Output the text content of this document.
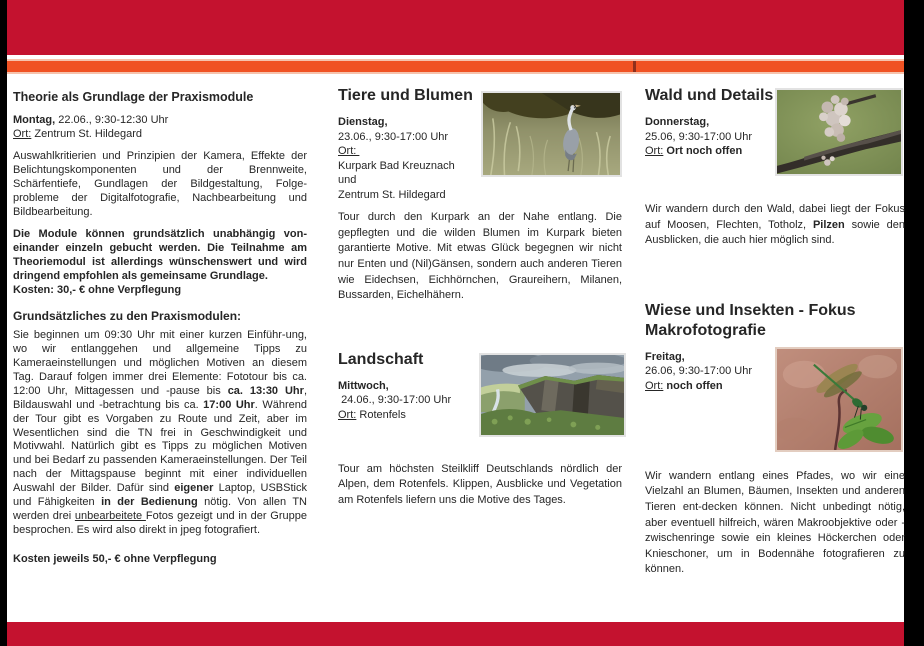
Theorie als Grundlage der Praxismodule
Montag, 22.06., 9:30-12:30 Uhr
Ort: Zentrum St. Hildegard

Auswahlkritierien und Prinzipien der Kamera, Effekte der Belichtungskomponenten und der Brennweite, Schärfentiefe, Gundlagen der Bildgestaltung, Folge-probleme der Digitalfotografie, Nachbearbeitung und Bildbearbeitung.

Die Module können grundsätzlich unabhängig von-einander einzeln gebucht werden. Die Teilnahme am Theoriemodul ist allerdings wünschenswert und wird dringend empfohlen als gemeinsame Grundlage.

Kosten: 30,- € ohne Verpflegung
Grundsätzliches zu den Praxismodulen:

Sie beginnen um 09:30 Uhr mit einer kurzen Einführ-ung, wo wir entlanggehen und allgemeine Tipps zu Kameraeinstellungen und möglichen Motiven an diesem Tag. Darauf folgen immer drei Elemente: Fototour bis ca. 12:00 Uhr, Mittagessen und -pause bis ca. 13:30 Uhr, Bildauswahl und -betrachtung bis ca. 17:00 Uhr. Während der Tour gibt es Vorgaben zu Route und Zeit, aber im Wesentlichen sind die TN frei in Geschwindigkeit und Motivwahl. Natürlich gibt es Tipps zu möglichen Motiven und bei Bedarf zu passenden Kameraeinstellungen. Der Teil nach der Mittagspause beginnt mit einer individuellen Auswahl der Bilder. Dafür sind eigener Laptop, USBStick und Fähigkeiten in der Bedienung nötig. Von allen TN werden drei unbearbeitete Fotos gezeigt und in der Gruppe besprochen. Es wird also direkt in jpeg fotografiert.

Kosten jeweils 50,- € ohne Verpflegung
Tiere und Blumen
Dienstag,
23.06., 9:30-17:00 Uhr
Ort:
Kurpark Bad Kreuznach
und
Zentrum St. Hildegard

Tour durch den Kurpark an der Nahe entlang. Die gepflegten und die wilden Blumen im Kurpark bieten garantierte Motive. Mit etwas Glück begegnen wir nicht nur Enten und (Nil)Gänsen, sondern auch anderen Tieren wie Eidechsen, Eichhörnchen, Graureihern, Milanen, Bussarden, Eichelhähern.

Landschaft
Mittwoch,
24.06., 9:30-17:00 Uhr
Ort: Rotenfels

Tour am höchsten Steilkliff Deutschlands nördlich der Alpen, dem Rotenfels. Klippen, Ausblicke und Vegetation am Rotenfels liefern uns die Motive des Tages.

Wald und Details
Donnerstag,
25.06, 9:30-17:00 Uhr
Ort: Ort noch offen

Wir wandern durch den Wald, dabei liegt der Fokus auf Moosen, Flechten, Totholz, Pilzen sowie den Ausblicken, die auch hier möglich sind.

Wiese und Insekten - Fokus Makrofotografie
Freitag,
26.06, 9:30-17:00 Uhr
Ort: noch offen

Wir wandern entlang eines Pfades, wo wir eine Vielzahl an Blumen, Bäumen, Insekten und anderen Tieren ent-decken können. Nicht unbedingt nötig, aber eventuell hilfreich, wären Makroobjektive oder -zwischenringe sowie ein kleines Höckerchen oder Knieschoner, um in Bodennähe fotografieren zu können.
